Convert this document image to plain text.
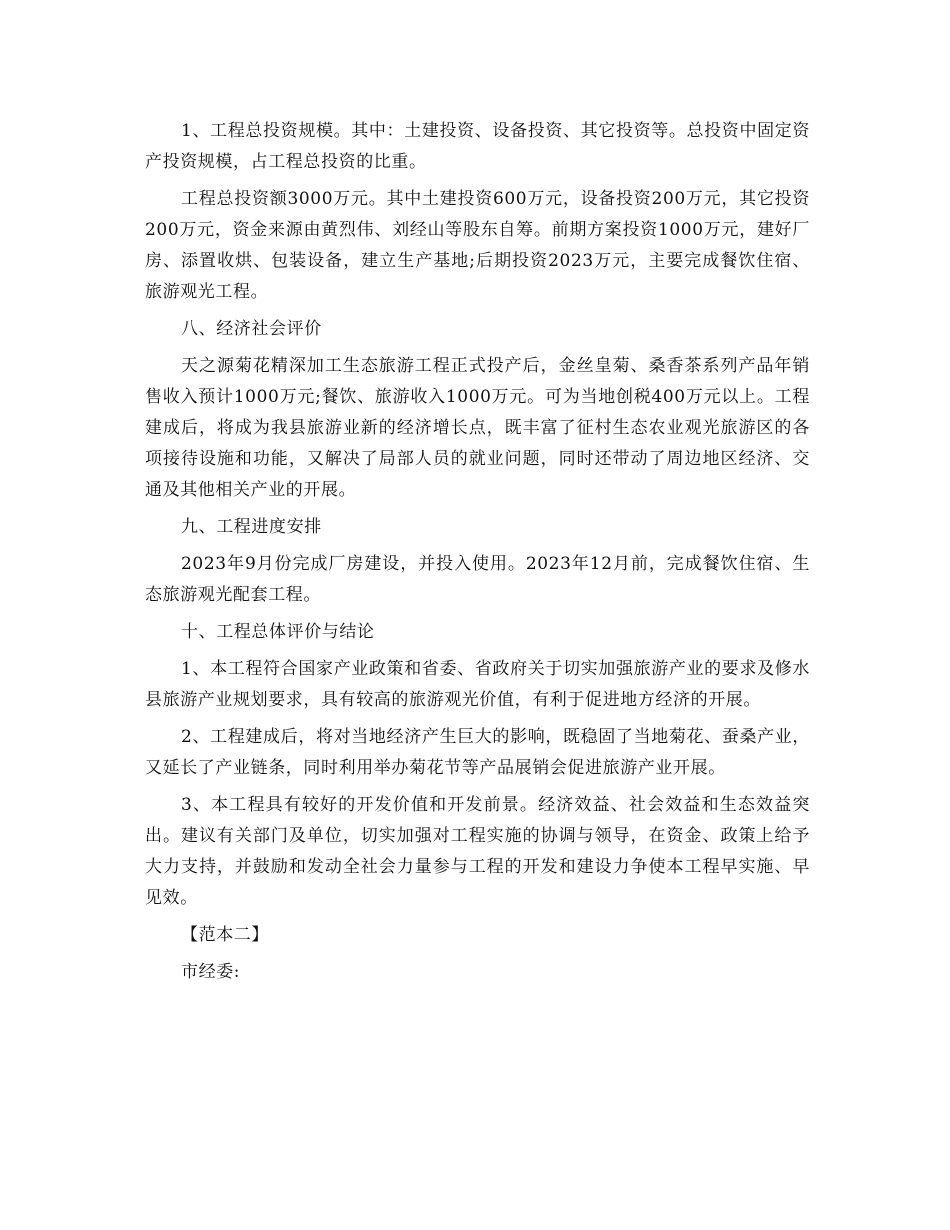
1、工程总投资规模。其中：土建投资、设备投资、其它投资等。总投资中固定资产投资规模，占工程总投资的比重。

工程总投资额3000万元。其中土建投资600万元，设备投资200万元，其它投资200万元，资金来源由黄烈伟、刘经山等股东自筹。前期方案投资1000万元，建好厂房、添置收烘、包装设备，建立生产基地;后期投资2023万元，主要完成餐饮住宿、旅游观光工程。

八、经济社会评价

天之源菊花精深加工生态旅游工程正式投产后，金丝皇菊、桑香茶系列产品年销售收入预计1000万元;餐饮、旅游收入1000万元。可为当地创税400万元以上。工程建成后，将成为我县旅游业新的经济增长点，既丰富了征村生态农业观光旅游区的各项接待设施和功能，又解决了局部人员的就业问题，同时还带动了周边地区经济、交通及其他相关产业的开展。

九、工程进度安排

2023年9月份完成厂房建设，并投入使用。2023年12月前，完成餐饮住宿、生态旅游观光配套工程。

十、工程总体评价与结论

1、本工程符合国家产业政策和省委、省政府关于切实加强旅游产业的要求及修水县旅游产业规划要求，具有较高的旅游观光价值，有利于促进地方经济的开展。

2、工程建成后，将对当地经济产生巨大的影响，既稳固了当地菊花、蚕桑产业，又延长了产业链条，同时利用举办菊花节等产品展销会促进旅游产业开展。

3、本工程具有较好的开发价值和开发前景。经济效益、社会效益和生态效益突出。建议有关部门及单位，切实加强对工程实施的协调与领导，在资金、政策上给予大力支持，并鼓励和发动全社会力量参与工程的开发和建设力争使本工程早实施、早见效。

【范本二】

市经委:
